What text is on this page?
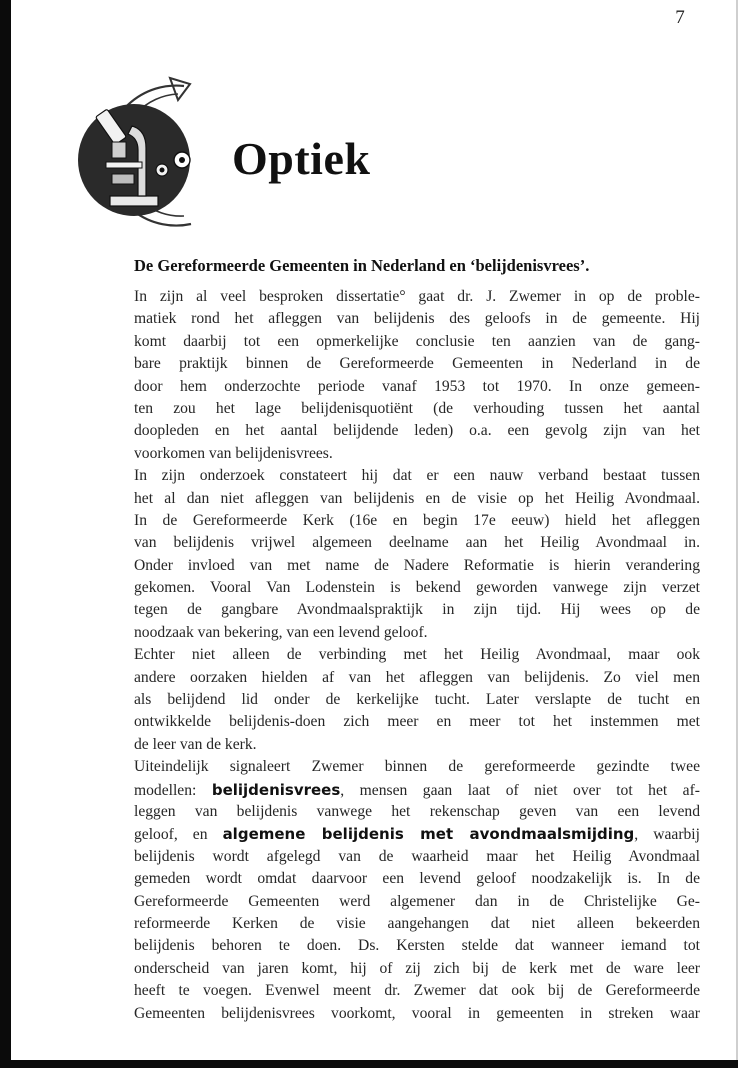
7
Optiek
De Gereformeerde Gemeenten in Nederland en ‘belijdenisvrees’.
In zijn al veel besproken dissertatie° gaat dr. J. Zwemer in op de proble-
matiek rond het afleggen van belijdenis des geloofs in de gemeente. Hij
komt daarbij tot een opmerkelijke conclusie ten aanzien van de gang-
bare praktijk binnen de Gereformeerde Gemeenten in Nederland in de
door hem onderzochte periode vanaf 1953 tot 1970. In onze gemeen-
ten zou het lage belijdenisquotiënt (de verhouding tussen het aantal
doopleden en het aantal belijdende leden) o.a. een gevolg zijn van het
voorkomen van belijdenisvrees.
In zijn onderzoek constateert hij dat er een nauw verband bestaat tussen
het al dan niet afleggen van belijdenis en de visie op het Heilig Avondmaal.
In de Gereformeerde Kerk (16e en begin 17e eeuw) hield het afleggen
van belijdenis vrijwel algemeen deelname aan het Heilig Avondmaal in.
Onder invloed van met name de Nadere Reformatie is hierin verandering
gekomen. Vooral Van Lodenstein is bekend geworden vanwege zijn verzet
tegen de gangbare Avondmaalspraktijk in zijn tijd. Hij wees op de
noodzaak van bekering, van een levend geloof.
Echter niet alleen de verbinding met het Heilig Avondmaal, maar ook
andere oorzaken hielden af van het afleggen van belijdenis. Zo viel men
als belijdend lid onder de kerkelijke tucht. Later verslapte de tucht en
ontwikkelde belijdenis-doen zich meer en meer tot het instemmen met
de leer van de kerk.
Uiteindelijk signaleert Zwemer binnen de gereformeerde gezindte twee
modellen: belijdenisvrees, mensen gaan laat of niet over tot het af-
leggen van belijdenis vanwege het rekenschap geven van een levend
geloof, en algemene belijdenis met avondmaalsmijding, waarbij
belijdenis wordt afgelegd van de waarheid maar het Heilig Avondmaal
gemeden wordt omdat daarvoor een levend geloof noodzakelijk is. In de
Gereformeerde Gemeenten werd algemener dan in de Christelijke Ge-
reformeerde Kerken de visie aangehangen dat niet alleen bekeerden
belijdenis behoren te doen. Ds. Kersten stelde dat wanneer iemand tot
onderscheid van jaren komt, hij of zij zich bij de kerk met de ware leer
heeft te voegen. Evenwel meent dr. Zwemer dat ook bij de Gereformeerde
Gemeenten belijdenisvrees voorkomt, vooral in gemeenten in streken waar
